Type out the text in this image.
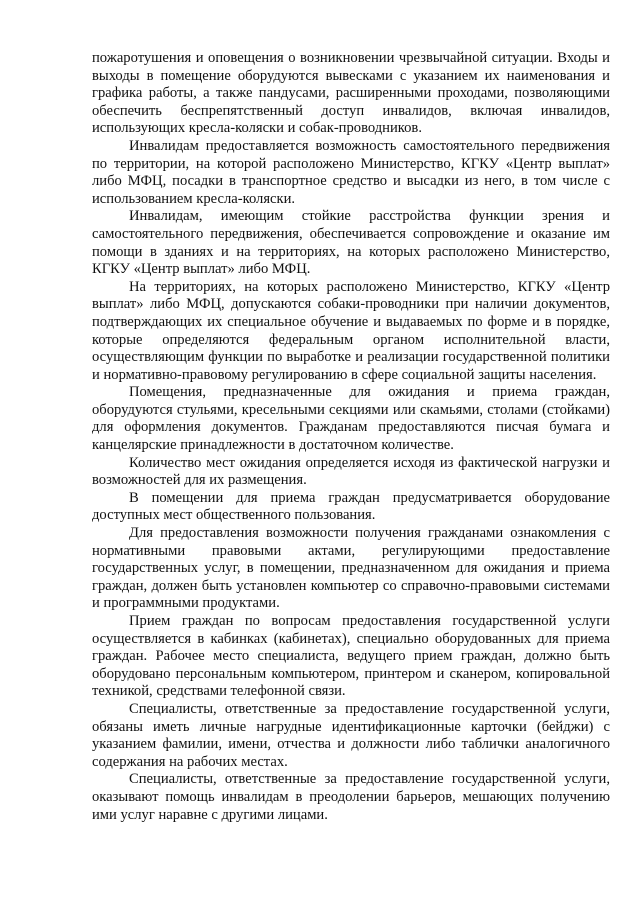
пожаротушения и оповещения о возникновении чрезвычайной ситуации. Входы и выходы в помещение оборудуются вывесками с указанием их наименования и графика работы, а также пандусами, расширенными проходами, позволяющими обеспечить беспрепятственный доступ инвалидов, включая инвалидов, использующих кресла-коляски и собак-проводников.

Инвалидам предоставляется возможность самостоятельного передвижения по территории, на которой расположено Министерство, КГКУ «Центр выплат» либо МФЦ, посадки в транспортное средство и высадки из него, в том числе с использованием кресла-коляски.

Инвалидам, имеющим стойкие расстройства функции зрения и самостоятельного передвижения, обеспечивается сопровождение и оказание им помощи в зданиях и на территориях, на которых расположено Министерство, КГКУ «Центр выплат» либо МФЦ.

На территориях, на которых расположено Министерство, КГКУ «Центр выплат» либо МФЦ, допускаются собаки-проводники при наличии документов, подтверждающих их специальное обучение и выдаваемых по форме и в порядке, которые определяются федеральным органом исполнительной власти, осуществляющим функции по выработке и реализации государственной политики и нормативно-правовому регулированию в сфере социальной защиты населения.

Помещения, предназначенные для ожидания и приема граждан, оборудуются стульями, кресельными секциями или скамьями, столами (стойками) для оформления документов. Гражданам предоставляются писчая бумага и канцелярские принадлежности в достаточном количестве.

Количество мест ожидания определяется исходя из фактической нагрузки и возможностей для их размещения.

В помещении для приема граждан предусматривается оборудование доступных мест общественного пользования.

Для предоставления возможности получения гражданами ознакомления с нормативными правовыми актами, регулирующими предоставление государственных услуг, в помещении, предназначенном для ожидания и приема граждан, должен быть установлен компьютер со справочно-правовыми системами и программными продуктами.

Прием граждан по вопросам предоставления государственной услуги осуществляется в кабинках (кабинетах), специально оборудованных для приема граждан. Рабочее место специалиста, ведущего прием граждан, должно быть оборудовано персональным компьютером, принтером и сканером, копировальной техникой, средствами телефонной связи.

Специалисты, ответственные за предоставление государственной услуги, обязаны иметь личные нагрудные идентификационные карточки (бейджи) с указанием фамилии, имени, отчества и должности либо таблички аналогичного содержания на рабочих местах.

Специалисты, ответственные за предоставление государственной услуги, оказывают помощь инвалидам в преодолении барьеров, мешающих получению ими услуг наравне с другими лицами.
